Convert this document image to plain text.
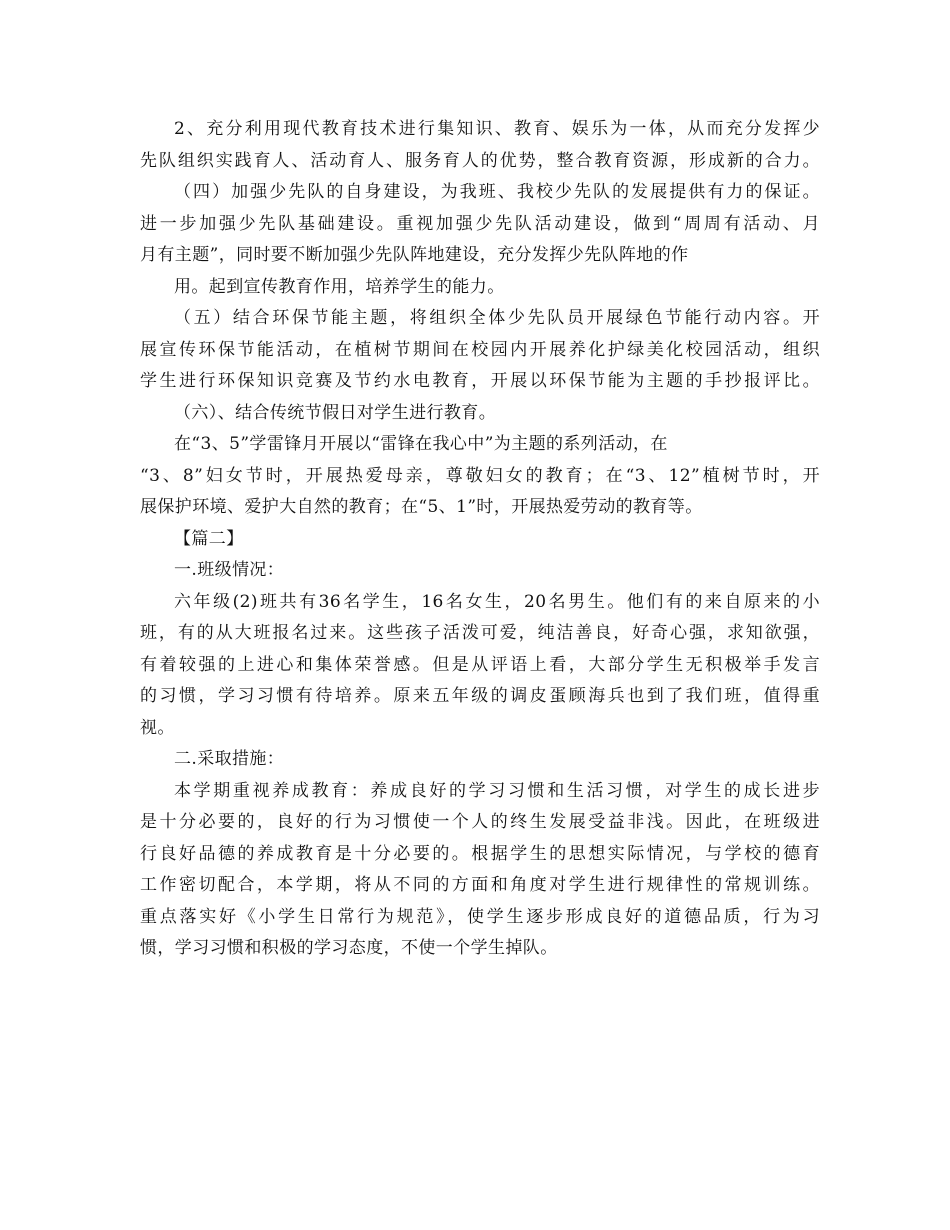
2、充分利用现代教育技术进行集知识、教育、娱乐为一体，从而充分发挥少
先队组织实践育人、活动育人、服务育人的优势，整合教育资源，形成新的合力。
（四）加强少先队的自身建设，为我班、我校少先队的发展提供有力的保证。
进一步加强少先队基础建设。重视加强少先队活动建设，做到“周周有活动、月
月有主题”，同时要不断加强少先队阵地建设，充分发挥少先队阵地的作
用。起到宣传教育作用，培养学生的能力。
（五）结合环保节能主题，将组织全体少先队员开展绿色节能行动内容。开
展宣传环保节能活动，在植树节期间在校园内开展养化护绿美化校园活动，组织
学生进行环保知识竞赛及节约水电教育，开展以环保节能为主题的手抄报评比。
（六）、结合传统节假日对学生进行教育。
在“3、5”学雷锋月开展以“雷锋在我心中”为主题的系列活动，在
“3、8”妇女节时，开展热爱母亲，尊敬妇女的教育；在“3、12”植树节时，开
展保护环境、爱护大自然的教育；在“5、1”时，开展热爱劳动的教育等。
【篇二】
一.班级情况：
六年级(2)班共有36名学生，16名女生，20名男生。他们有的来自原来的小
班，有的从大班报名过来。这些孩子活泼可爱，纯洁善良，好奇心强，求知欲强，
有着较强的上进心和集体荣誉感。但是从评语上看，大部分学生无积极举手发言
的习惯，学习习惯有待培养。原来五年级的调皮蛋顾海兵也到了我们班，值得重
视。
二.采取措施：
本学期重视养成教育：养成良好的学习习惯和生活习惯，对学生的成长进步
是十分必要的，良好的行为习惯使一个人的终生发展受益非浅。因此，在班级进
行良好品德的养成教育是十分必要的。根据学生的思想实际情况，与学校的德育
工作密切配合，本学期，将从不同的方面和角度对学生进行规律性的常规训练。
重点落实好《小学生日常行为规范》，使学生逐步形成良好的道德品质，行为习
惯，学习习惯和积极的学习态度，不使一个学生掉队。
